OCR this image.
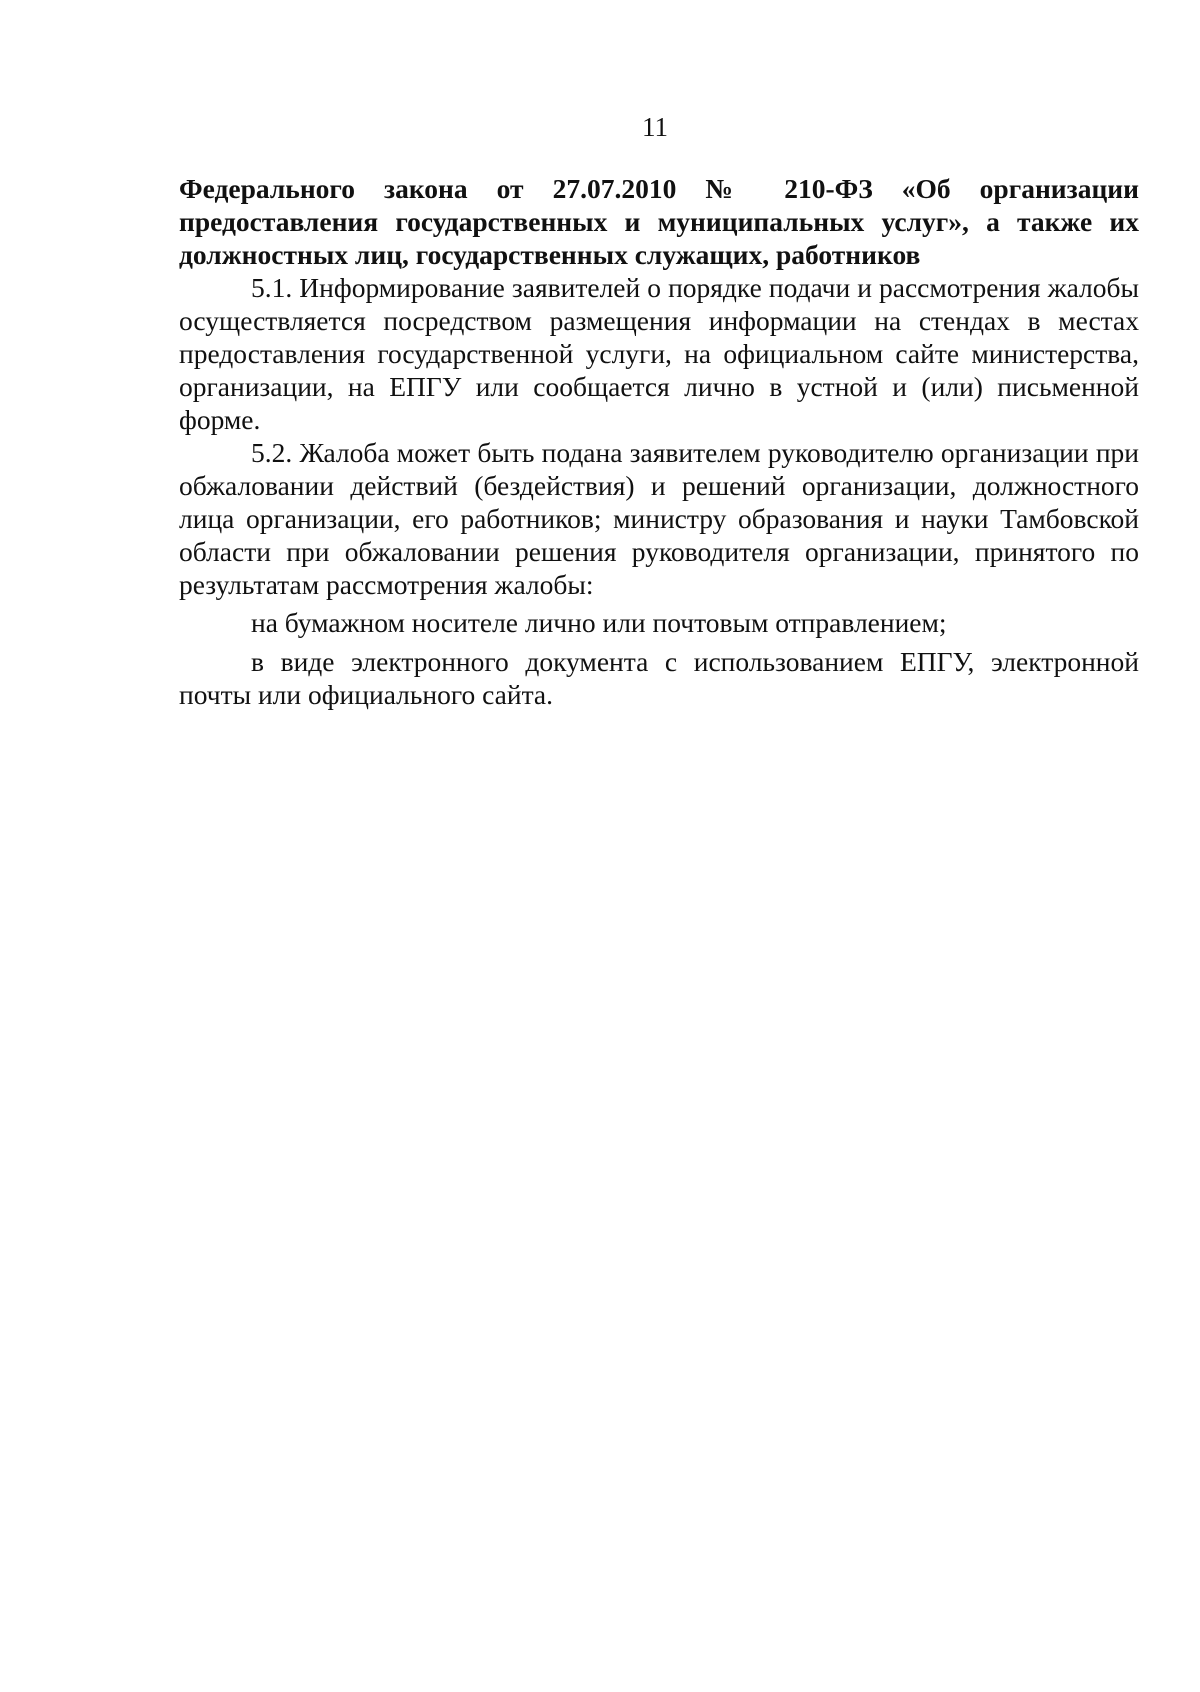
11

Федерального закона от 27.07.2010 № 210-ФЗ «Об организации предоставления государственных и муниципальных услуг», а также их должностных лиц, государственных служащих, работников

5.1. Информирование заявителей о порядке подачи и рассмотрения жалобы осуществляется посредством размещения информации на стендах в местах предоставления государственной услуги, на официальном сайте министерства, организации, на ЕПГУ или сообщается лично в устной и (или) письменной форме.

5.2. Жалоба может быть подана заявителем руководителю организации при обжаловании действий (бездействия) и решений организации, должностного лица организации, его работников; министру образования и науки Тамбовской области при обжаловании решения руководителя организации, принятого по результатам рассмотрения жалобы:

на бумажном носителе лично или почтовым отправлением;

в виде электронного документа с использованием ЕПГУ, электронной почты или официального сайта.
